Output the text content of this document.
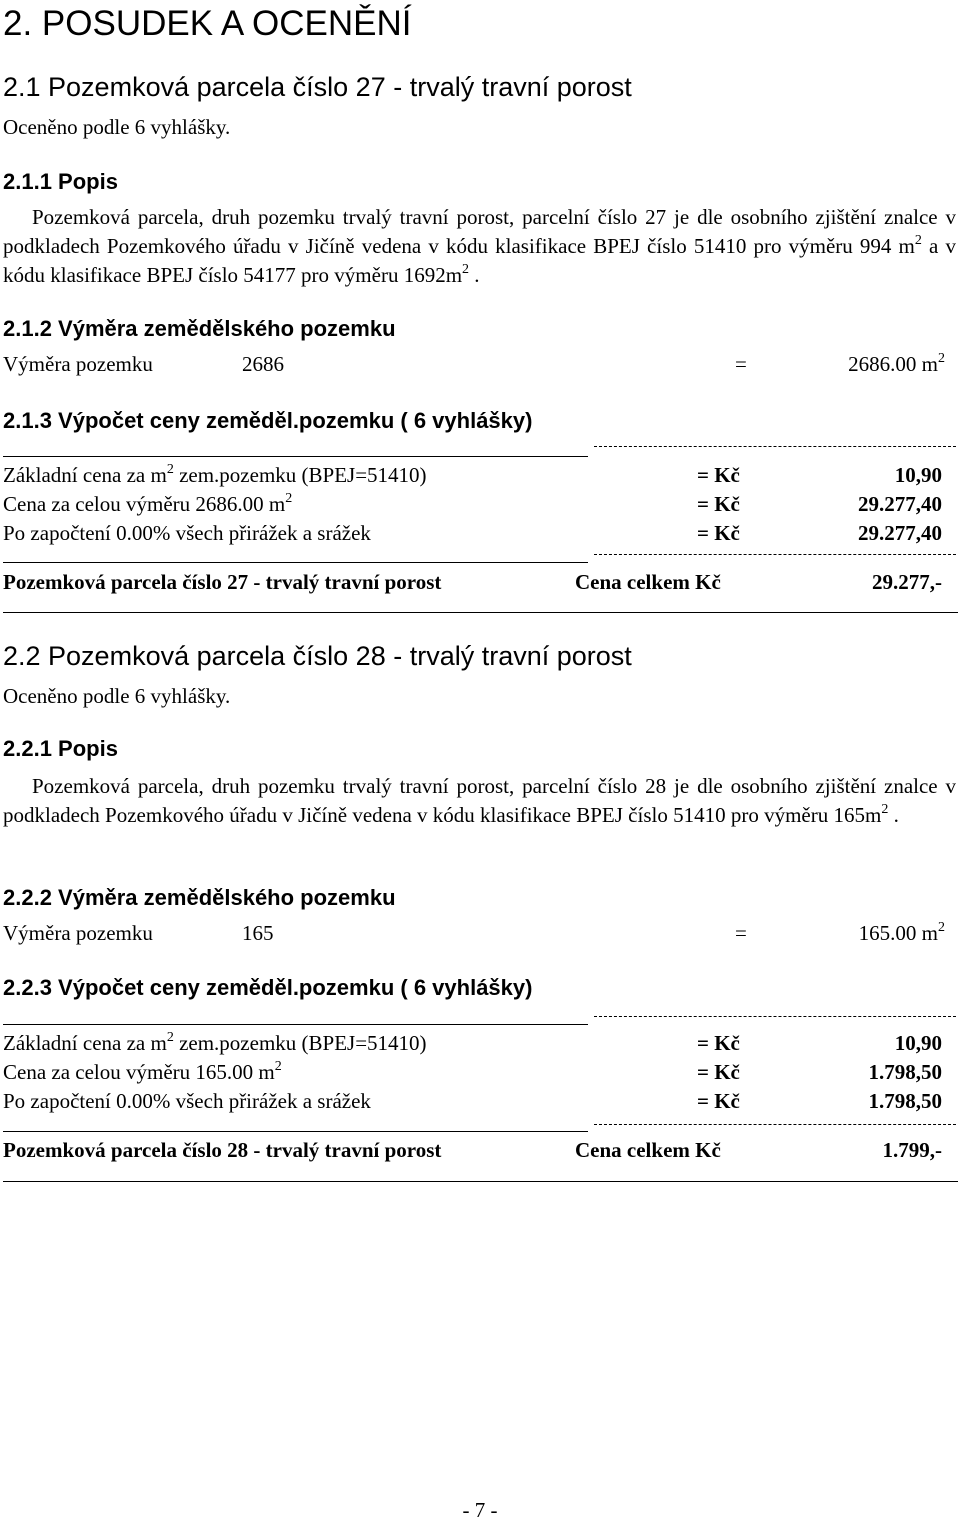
2. POSUDEK A OCENĚNÍ
2.1 Pozemková parcela číslo 27 - trvalý travní porost
Oceněno podle 6 vyhlášky.
2.1.1 Popis
Pozemková parcela, druh pozemku trvalý travní porost, parcelní číslo 27 je dle osobního zjištění znalce v podkladech Pozemkového úřadu v Jičíně vedena v kódu klasifikace BPEJ číslo 51410 pro výměru 994 $m^2$ a v kódu klasifikace BPEJ číslo 54177 pro výměru $1692m^2$ .
2.1.2 Výměra zemědělského pozemku
Výměra pozemku	2686	=	2686.00 $m^2$
2.1.3 Výpočet ceny zeměděl.pozemku ( 6 vyhlášky)
Základní cena za $m^2$ zem.pozemku (BPEJ=51410)	= Kč	10,90
Cena za celou výměru 2686.00 $m^2$	= Kč	29.277,40
Po započtení 0.00% všech přirážek a srážek	= Kč	29.277,40
Pozemková parcela číslo 27 - trvalý travní porost	Cena celkem Kč	29.277,-
2.2 Pozemková parcela číslo 28 - trvalý travní porost
Oceněno podle 6 vyhlášky.
2.2.1 Popis
Pozemková parcela, druh pozemku trvalý travní porost, parcelní číslo 28 je dle osobního zjištění znalce v podkladech Pozemkového úřadu v Jičíně vedena v kódu klasifikace BPEJ číslo 51410 pro výměru $165m^2$ .
2.2.2 Výměra zemědělského pozemku
Výměra pozemku	165	=	165.00 $m^2$
2.2.3 Výpočet ceny zeměděl.pozemku ( 6 vyhlášky)
Základní cena za $m^2$ zem.pozemku (BPEJ=51410)	= Kč	10,90
Cena za celou výměru 165.00 $m^2$	= Kč	1.798,50
Po započtení 0.00% všech přirážek a srážek	= Kč	1.798,50
Pozemková parcela číslo 28 - trvalý travní porost	Cena celkem Kč	1.799,-
- 7 -
